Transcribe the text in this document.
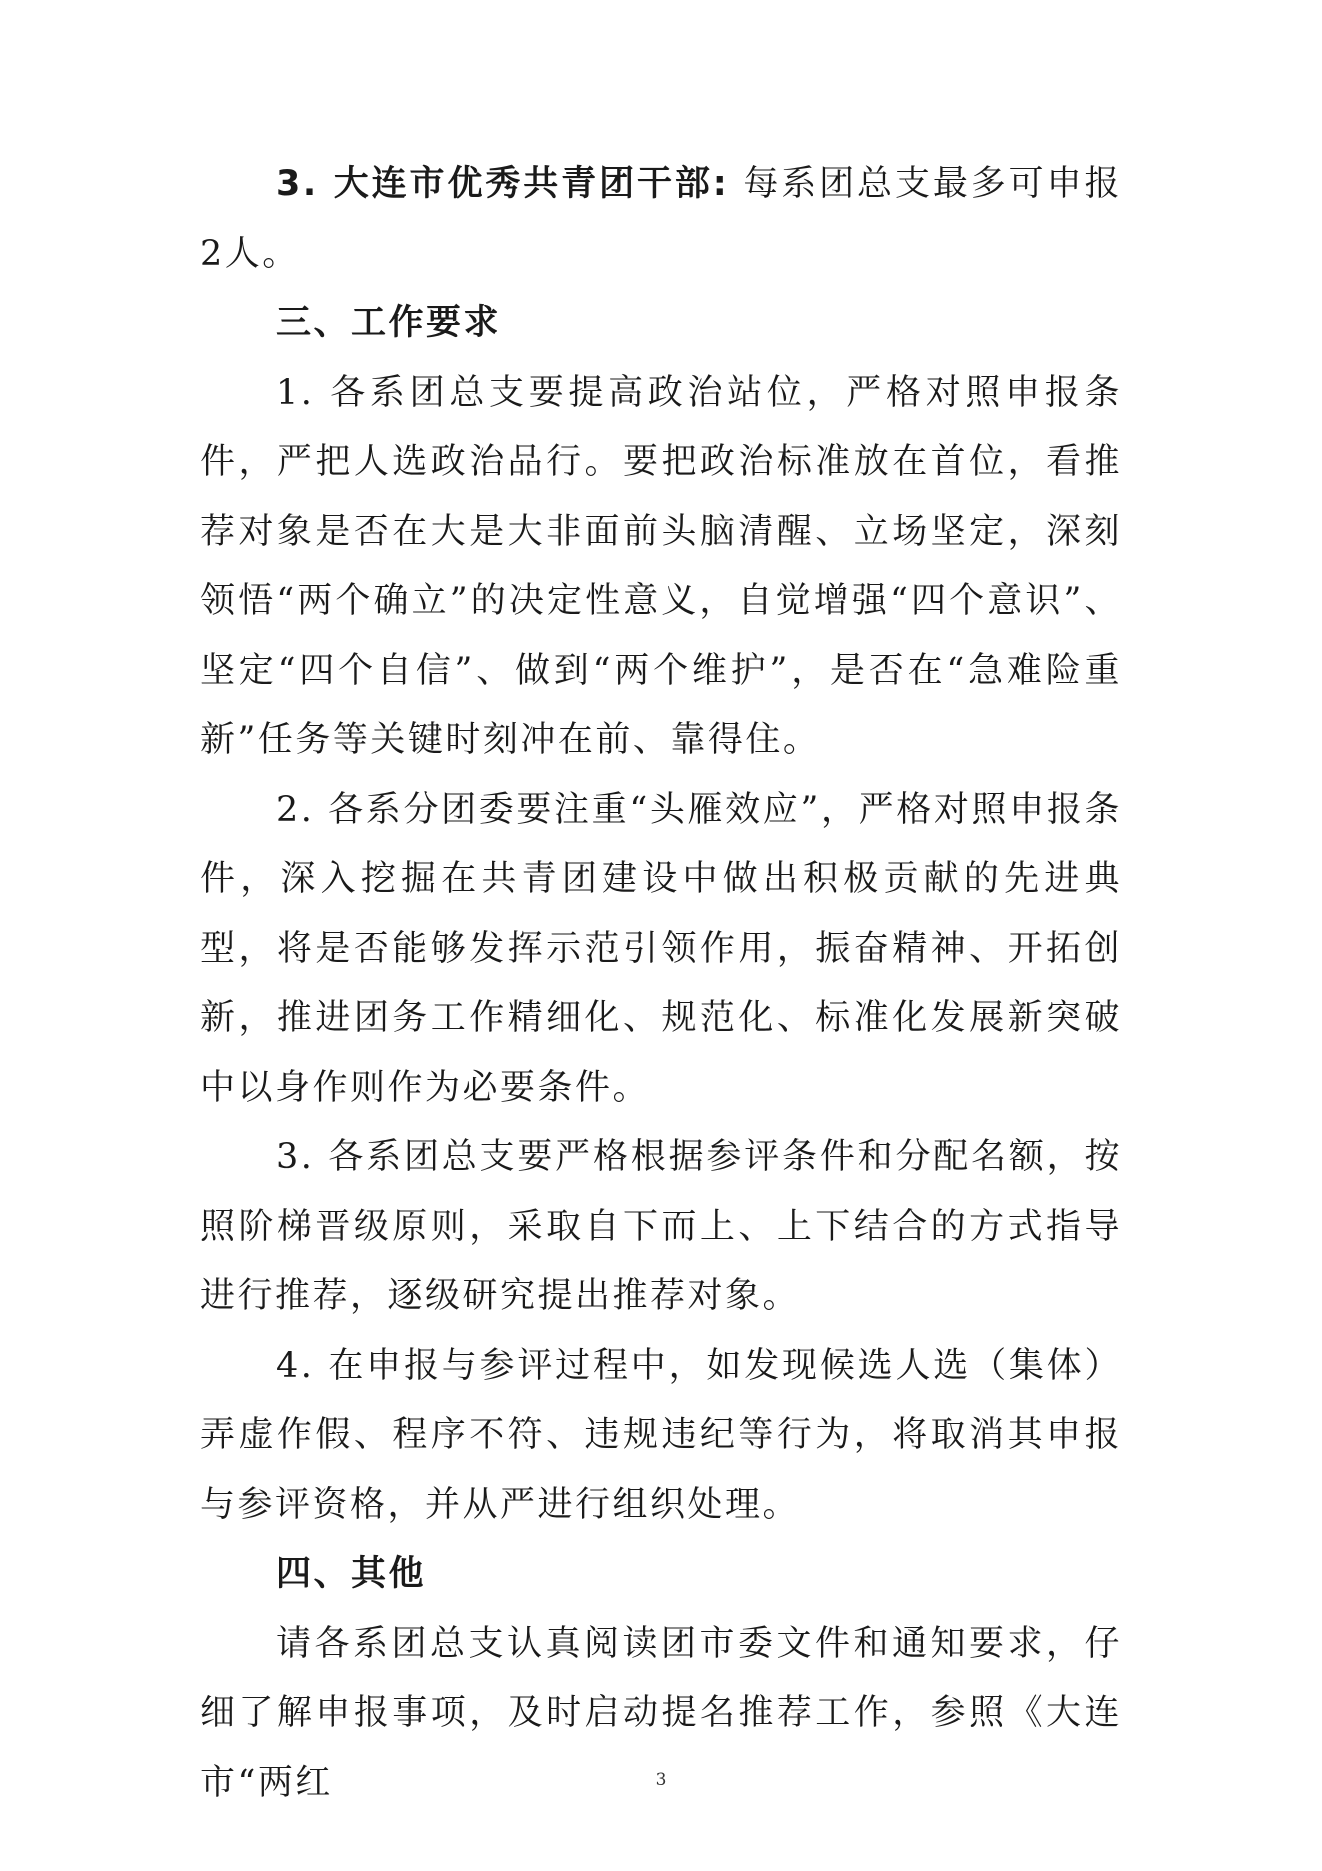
3. 大连市优秀共青团干部: 每系团总支最多可申报2人。

三、工作要求

1. 各系团总支要提高政治站位，严格对照申报条件，严把人选政治品行。要把政治标准放在首位，看推荐对象是否在大是大非面前头脑清醒、立场坚定，深刻领悟“两个确立”的决定性意义，自觉增强“四个意识”、坚定“四个自信”、做到“两个维护”，是否在“急难险重新”任务等关键时刻冲在前、靠得住。

2. 各系分团委要注重“头雁效应”，严格对照申报条件，深入挖掘在共青团建设中做出积极贡献的先进典型，将是否能够发挥示范引领作用，振奋精神、开拓创新，推进团务工作精细化、规范化、标准化发展新突破中以身作则作为必要条件。

3. 各系团总支要严格根据参评条件和分配名额，按照阶梯晋级原则，采取自下而上、上下结合的方式指导进行推荐，逐级研究提出推荐对象。

4. 在申报与参评过程中，如发现候选人选（集体）弄虚作假、程序不符、违规违纪等行为，将取消其申报与参评资格，并从严进行组织处理。

四、其他

请各系团总支认真阅读团市委文件和通知要求，仔细了解申报事项，及时启动提名推荐工作，参照《大连市“两红	3
